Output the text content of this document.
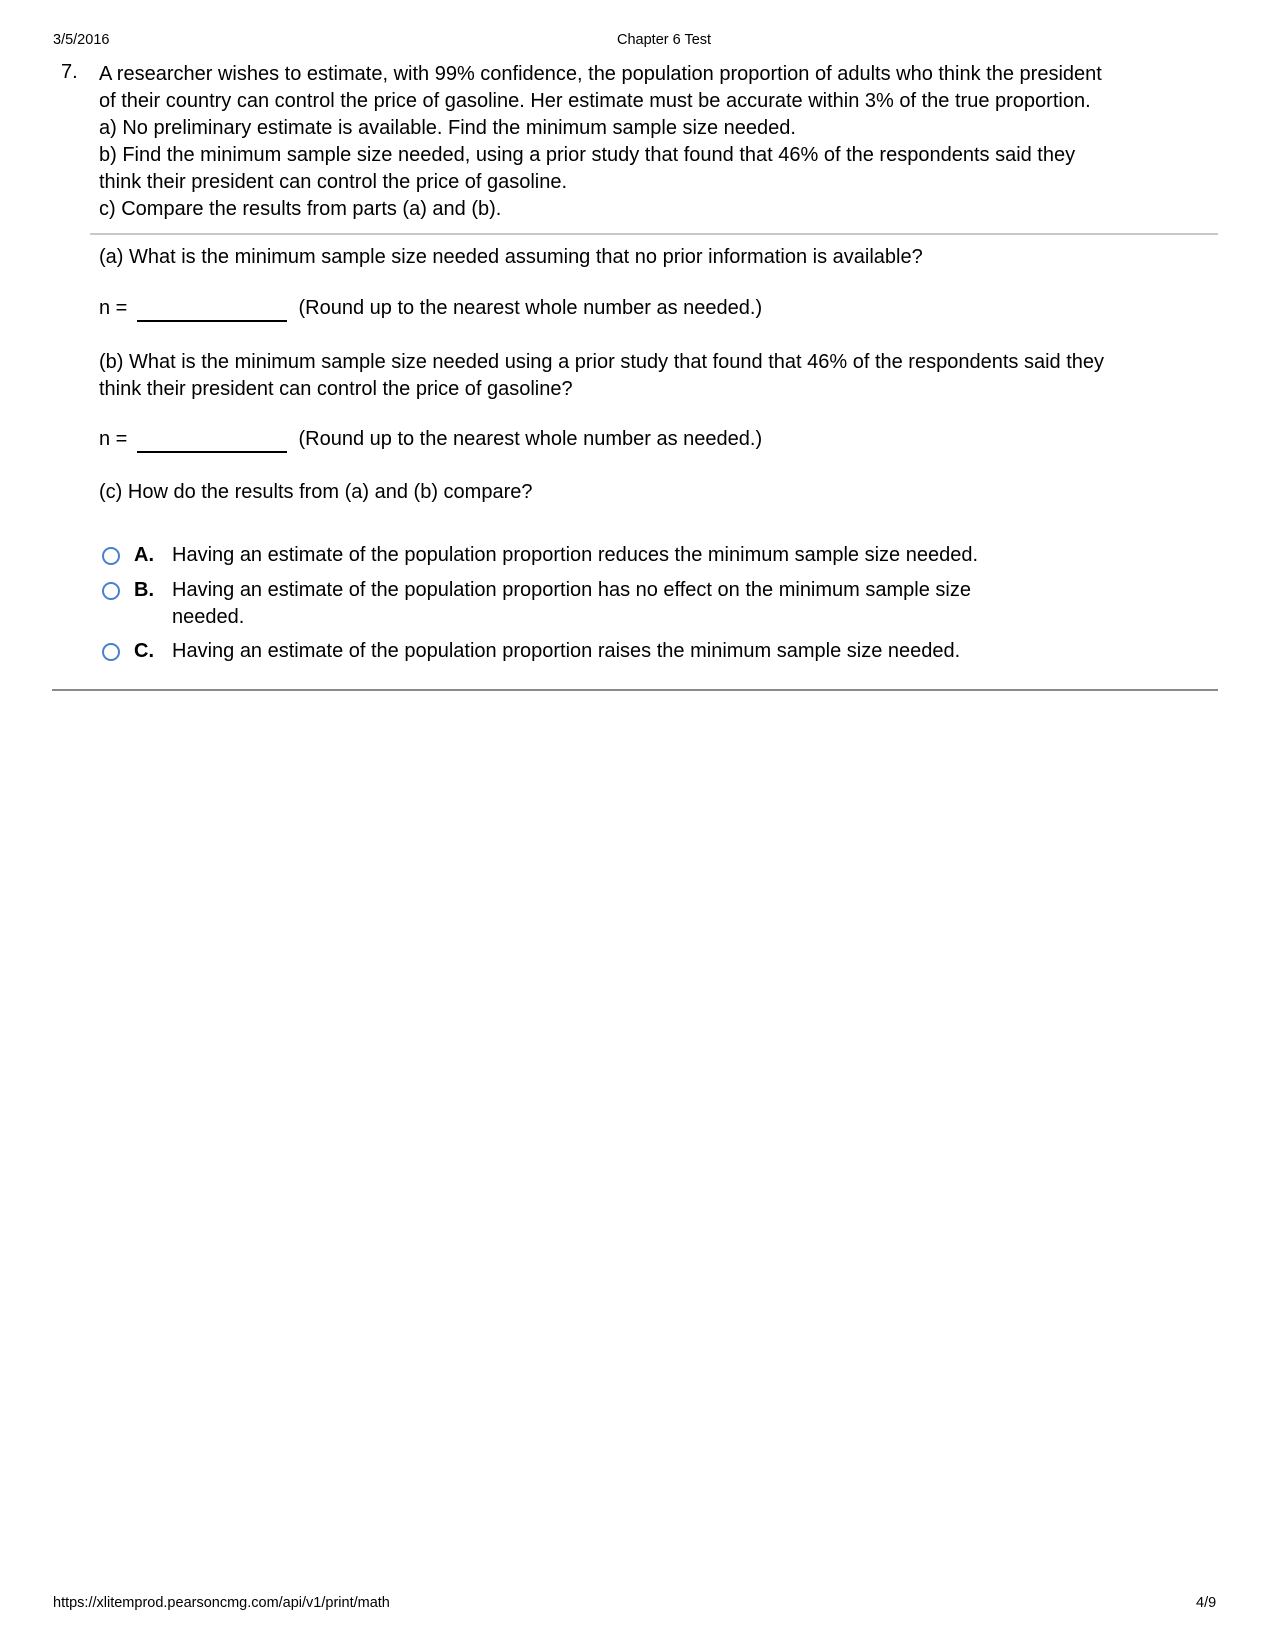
3/5/2016	Chapter 6 Test
7. A researcher wishes to estimate, with 99% confidence, the population proportion of adults who think the president
of their country can control the price of gasoline. Her estimate must be accurate within 3% of the true proportion.
a) No preliminary estimate is available. Find the minimum sample size needed.
b) Find the minimum sample size needed, using a prior study that found that 46% of the respondents said they
think their president can control the price of gasoline.
c) Compare the results from parts (a) and (b).
(a) What is the minimum sample size needed assuming that no prior information is available?
n =	(Round up to the nearest whole number as needed.)
(b) What is the minimum sample size needed using a prior study that found that 46% of the respondents said they
think their president can control the price of gasoline?
n =	(Round up to the nearest whole number as needed.)
(c) How do the results from (a) and (b) compare?
A. Having an estimate of the population proportion reduces the minimum sample size needed.
B. Having an estimate of the population proportion has no effect on the minimum sample size
needed.
C. Having an estimate of the population proportion raises the minimum sample size needed.
https://xlitemprod.pearsoncmg.com/api/v1/print/math	4/9
